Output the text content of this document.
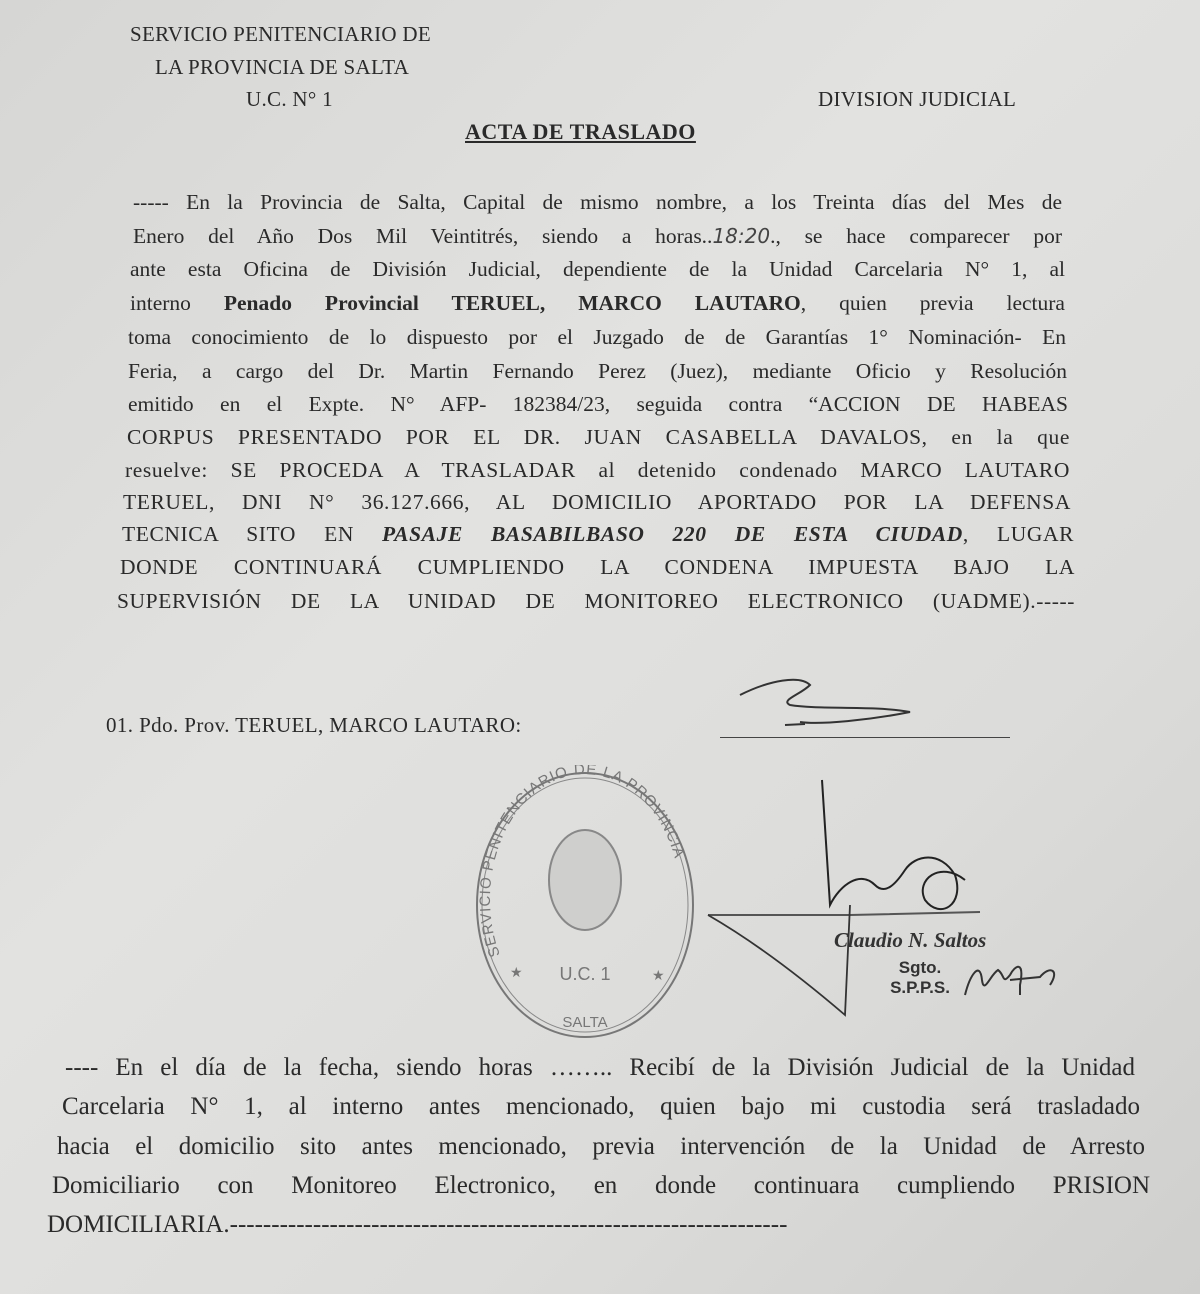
SERVICIO PENITENCIARIO DE
LA PROVINCIA DE SALTA
U.C. N° 1	DIVISION JUDICIAL
ACTA DE TRASLADO
----- En la Provincia de Salta, Capital de mismo nombre, a los Treinta días del Mes de
Enero del Año Dos Mil Veintitrés, siendo a horas..18:20., se hace comparecer por
ante esta Oficina de División Judicial, dependiente de la Unidad Carcelaria N° 1, al
interno Penado Provincial TERUEL, MARCO LAUTARO, quien previa lectura
toma conocimiento de lo dispuesto por el Juzgado de de Garantías 1° Nominación- En
Feria, a cargo del Dr. Martin Fernando Perez (Juez), mediante Oficio y Resolución
emitido en el Expte. N° AFP- 182384/23, seguida contra “ACCION DE HABEAS
CORPUS PRESENTADO POR EL DR. JUAN CASABELLA DAVALOS, en la que
resuelve: SE PROCEDA A TRASLADAR al detenido condenado MARCO LAUTARO
TERUEL, DNI N° 36.127.666, AL DOMICILIO APORTADO POR LA DEFENSA
TECNICA SITO EN PASAJE BASABILBASO 220 DE ESTA CIUDAD, LUGAR
DONDE CONTINUARÁ CUMPLIENDO LA CONDENA IMPUESTA BAJO LA
SUPERVISIÓN DE LA UNIDAD DE MONITOREO ELECTRONICO (UADME).-----
01. Pdo. Prov. TERUEL, MARCO LAUTARO:
SERVICIO PENITENCIARIO DE LA PROVINCIA
U.C. 1
★	★
SALTA
Claudio N. Saltos
Sgto.
S.P.P.S.
---- En el día de la fecha, siendo horas …….. Recibí de la División Judicial de la Unidad
Carcelaria N° 1, al interno antes mencionado, quien bajo mi custodia será trasladado
hacia el domicilio sito antes mencionado, previa intervención de la Unidad de Arresto
Domiciliario con Monitoreo Electronico, en donde continuara cumpliendo PRISION
DOMICILIARIA.-------------------------------------------------------------------
